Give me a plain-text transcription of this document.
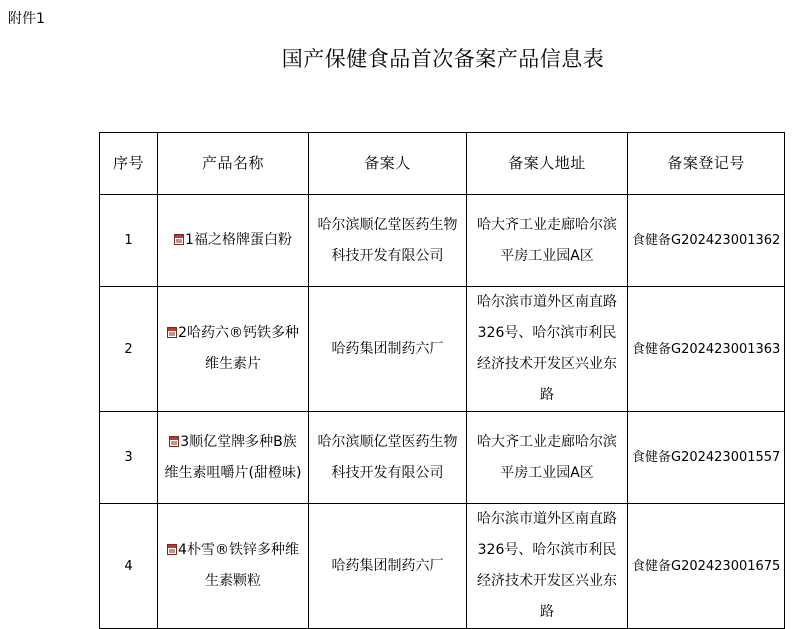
附件1
国产保健食品首次备案产品信息表
序号	产品名称	备案人	备案人地址	备案登记号
1	1福之格牌蛋白粉	哈尔滨顺亿堂医药生物科技开发有限公司	哈大齐工业走廊哈尔滨平房工业园A区	食健备G202423001362
2	2哈药六®钙铁多种维生素片	哈药集团制药六厂	哈尔滨市道外区南直路326号、哈尔滨市利民经济技术开发区兴业东路	食健备G202423001363
3	3顺亿堂牌多种B族维生素咀嚼片(甜橙味)	哈尔滨顺亿堂医药生物科技开发有限公司	哈大齐工业走廊哈尔滨平房工业园A区	食健备G202423001557
4	4朴雪®铁锌多种维生素颗粒	哈药集团制药六厂	哈尔滨市道外区南直路326号、哈尔滨市利民经济技术开发区兴业东路	食健备G202423001675
